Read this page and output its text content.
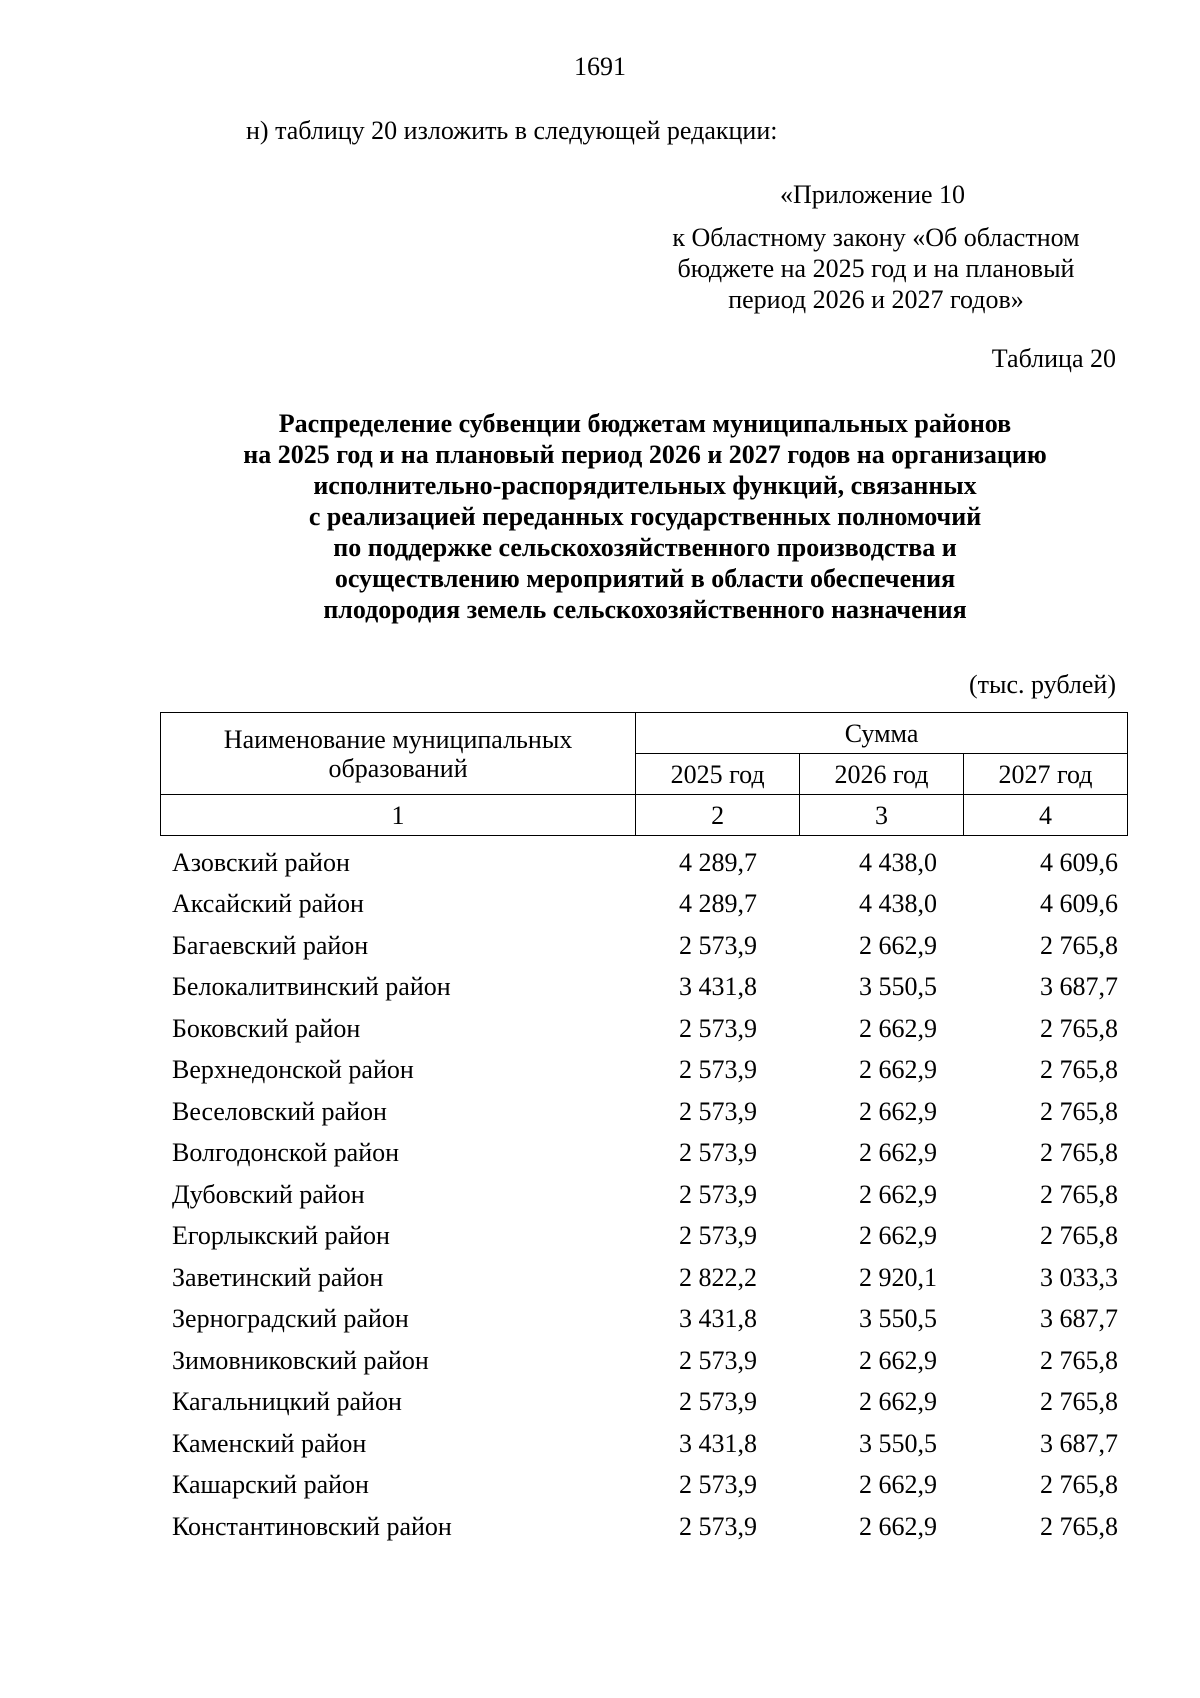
1691
н) таблицу 20 изложить в следующей редакции:
«Приложение 10
к Областному закону «Об областном
бюджете на 2025 год и на плановый
период 2026 и 2027 годов»
Таблица 20
Распределение субвенции бюджетам муниципальных районов
на 2025 год и на плановый период 2026 и 2027 годов на организацию
исполнительно-распорядительных функций, связанных
с реализацией переданных государственных полномочий
по поддержке сельскохозяйственного производства и
осуществлению мероприятий в области обеспечения
плодородия земель сельскохозяйственного назначения
(тыс. рублей)
Наименование муниципальных образований	Сумма		
	2025 год	2026 год	2027 год
1	2	3	4
Азовский район	4 289,7	4 438,0	4 609,6
Аксайский район	4 289,7	4 438,0	4 609,6
Багаевский район	2 573,9	2 662,9	2 765,8
Белокалитвинский район	3 431,8	3 550,5	3 687,7
Боковский район	2 573,9	2 662,9	2 765,8
Верхнедонской район	2 573,9	2 662,9	2 765,8
Веселовский район	2 573,9	2 662,9	2 765,8
Волгодонской район	2 573,9	2 662,9	2 765,8
Дубовский район	2 573,9	2 662,9	2 765,8
Егорлыкский район	2 573,9	2 662,9	2 765,8
Заветинский район	2 822,2	2 920,1	3 033,3
Зерноградский район	3 431,8	3 550,5	3 687,7
Зимовниковский район	2 573,9	2 662,9	2 765,8
Кагальницкий район	2 573,9	2 662,9	2 765,8
Каменский район	3 431,8	3 550,5	3 687,7
Кашарский район	2 573,9	2 662,9	2 765,8
Константиновский район	2 573,9	2 662,9	2 765,8
